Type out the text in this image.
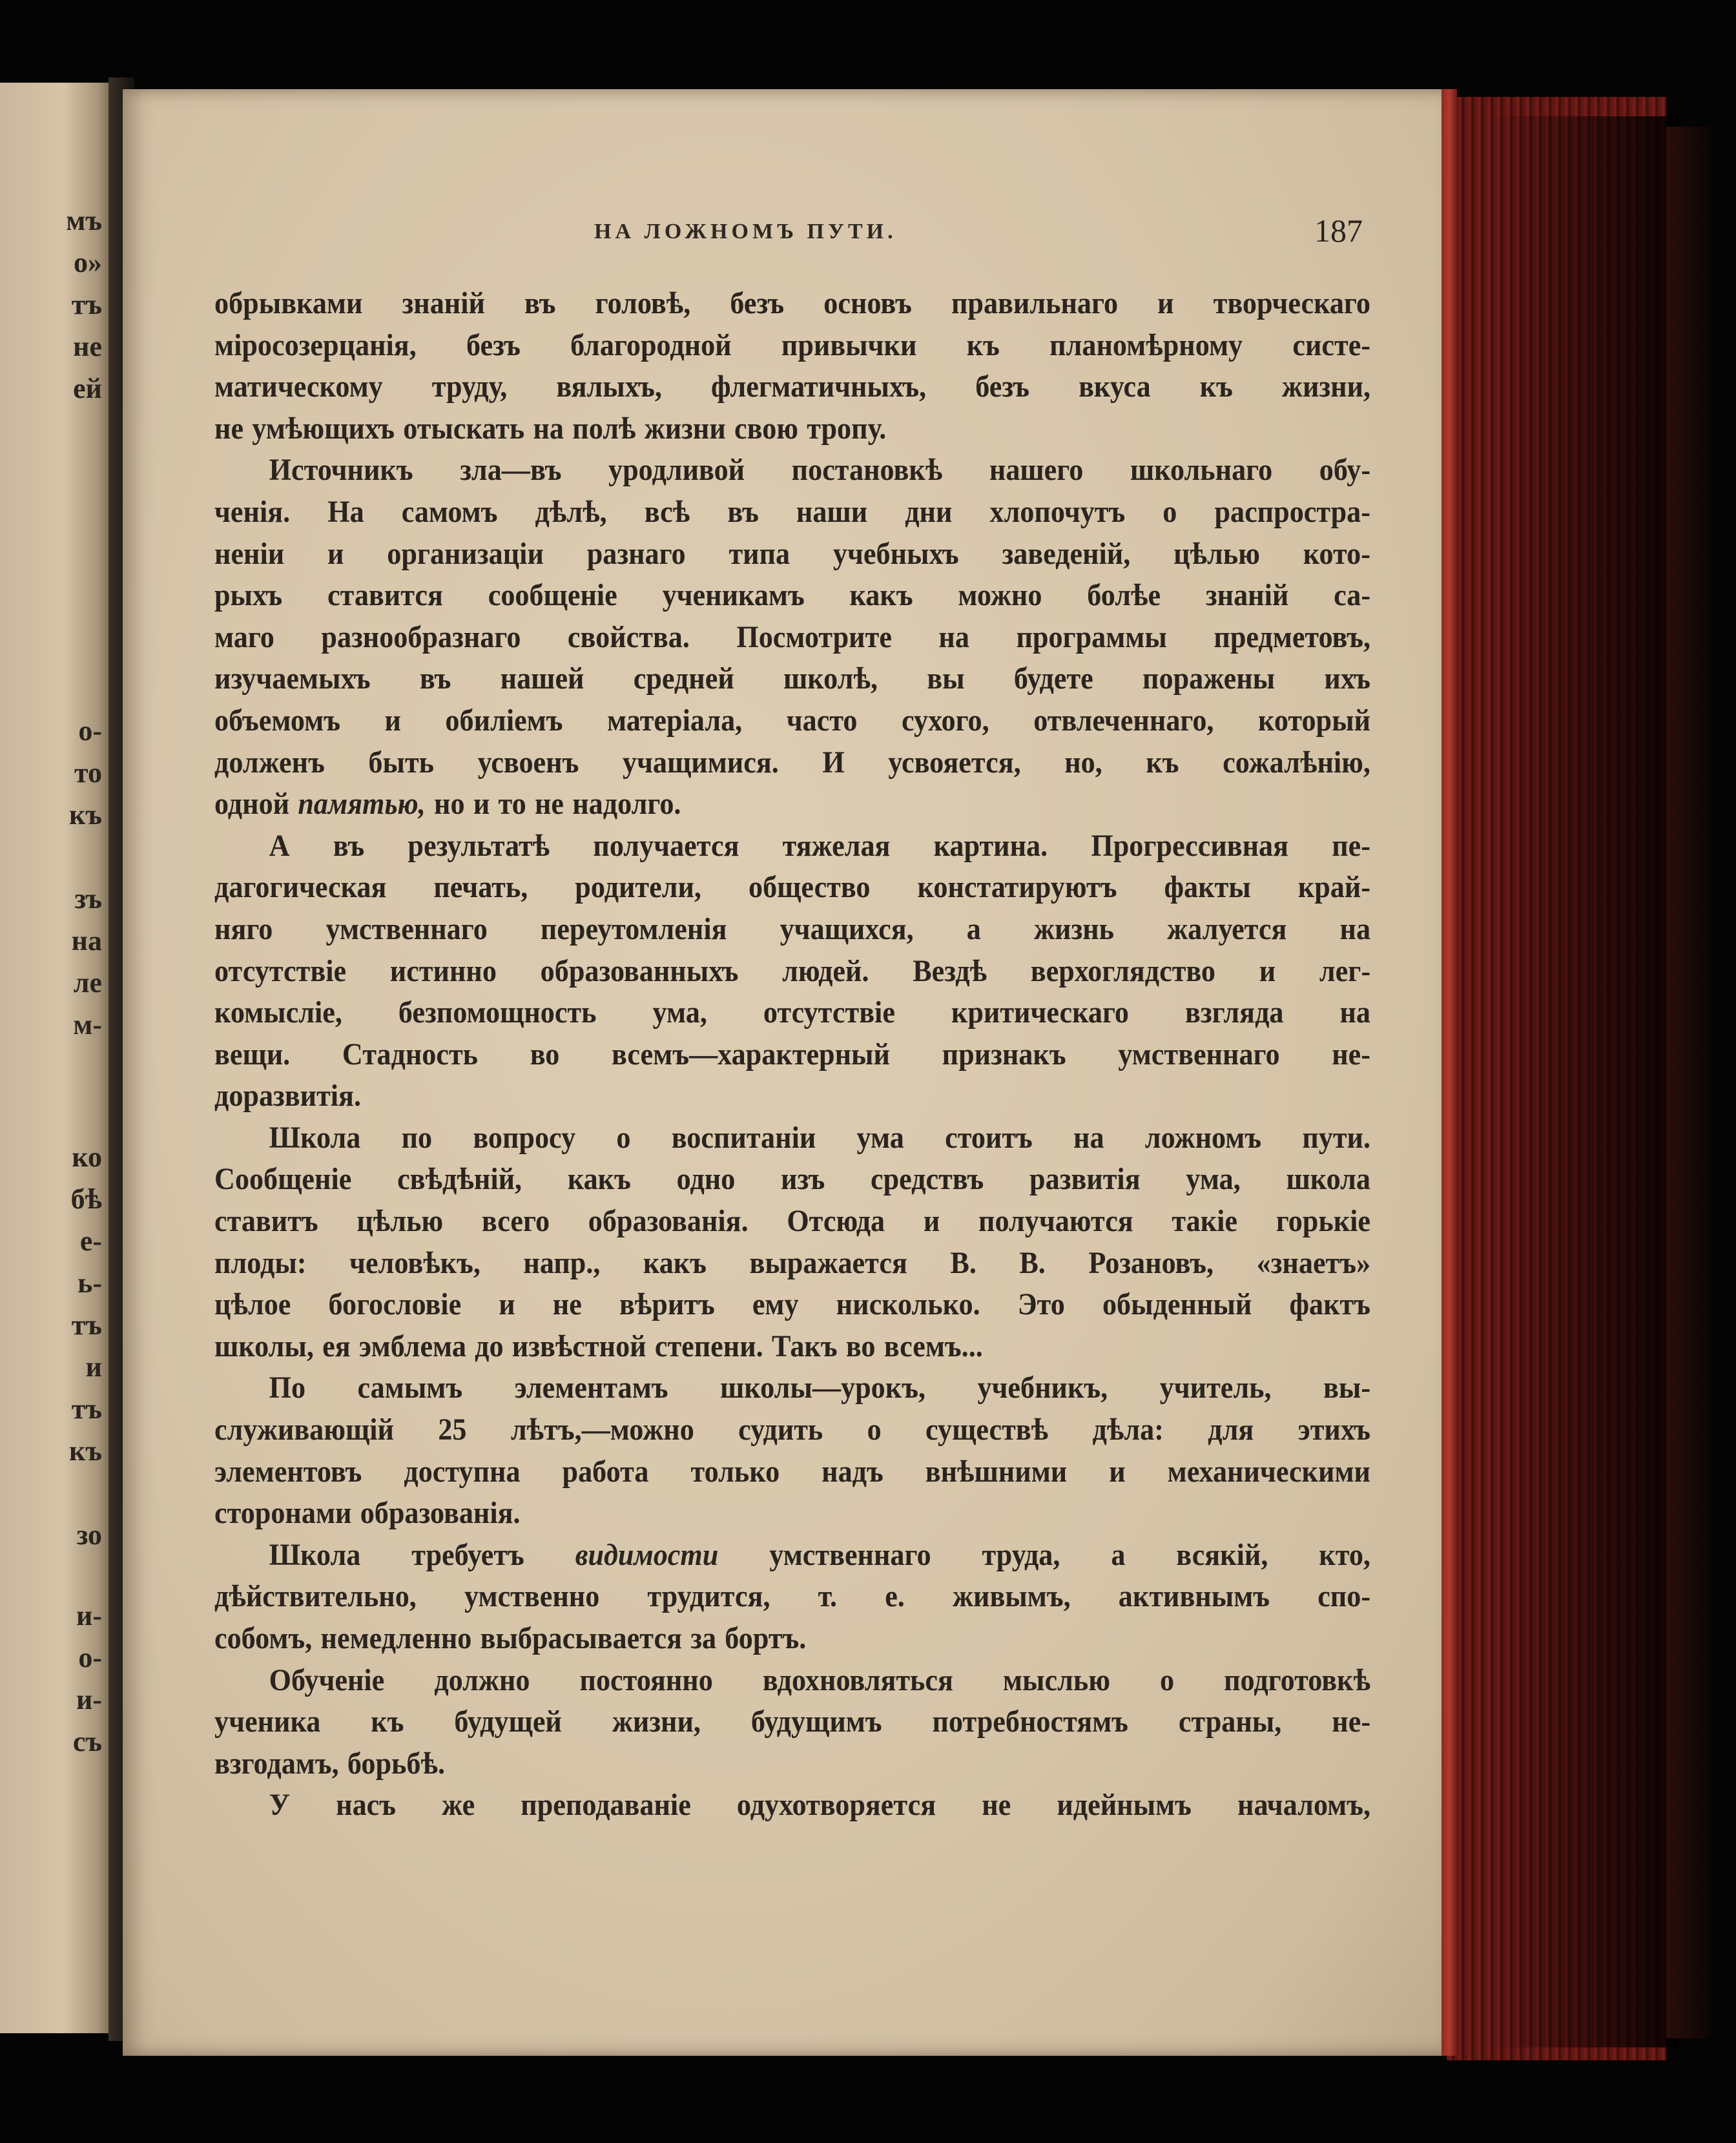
мъ
о»
тъ
не
ей
о-
то
къ
зъ
на
ле
м-
ко
бѣ
е-
ь-
тъ
и
тъ
къ
зо
и-
о-
и-
съ
НА ЛОЖНОМЪ ПУТИ.	187
обрывками знаній въ головѣ, безъ основъ правильнаго и творческаго
міросозерцанія, безъ благородной привычки къ планомѣрному систе-
матическому труду, вялыхъ, флегматичныхъ, безъ вкуса къ жизни,
не умѣющихъ отыскать на полѣ жизни свою тропу.
Источникъ зла—въ уродливой постановкѣ нашего школьнаго обу-
ченія. На самомъ дѣлѣ, всѣ въ наши дни хлопочутъ о распростра-
неніи и организаціи разнаго типа учебныхъ заведеній, цѣлью кото-
рыхъ ставится сообщеніе ученикамъ какъ можно болѣе знаній са-
маго разнообразнаго свойства. Посмотрите на программы предметовъ,
изучаемыхъ въ нашей средней школѣ, вы будете поражены ихъ
объемомъ и обиліемъ матеріала, часто сухого, отвлеченнаго, который
долженъ быть усвоенъ учащимися. И усвояется, но, къ сожалѣнію,
одной памятью, но и то не надолго.
А въ результатѣ получается тяжелая картина. Прогрессивная пе-
дагогическая печать, родители, общество констатируютъ факты край-
няго умственнаго переутомленія учащихся, а жизнь жалуется на
отсутствіе истинно образованныхъ людей. Вездѣ верхоглядство и лег-
комысліе, безпомощность ума, отсутствіе критическаго взгляда на
вещи. Стадность во всемъ—характерный признакъ умственнаго не-
доразвитія.
Школа по вопросу о воспитаніи ума стоитъ на ложномъ пути.
Сообщеніе свѣдѣній, какъ одно изъ средствъ развитія ума, школа
ставитъ цѣлью всего образованія. Отсюда и получаются такіе горькіе
плоды: человѣкъ, напр., какъ выражается В. В. Розановъ, «знаетъ»
цѣлое богословіе и не вѣритъ ему нисколько. Это обыденный фактъ
школы, ея эмблема до извѣстной степени. Такъ во всемъ...
По самымъ элементамъ школы—урокъ, учебникъ, учитель, вы-
служивающій 25 лѣтъ,—можно судить о существѣ дѣла: для этихъ
элементовъ доступна работа только надъ внѣшними и механическими
сторонами образованія.
Школа требуетъ видимости умственнаго труда, а всякій, кто,
дѣйствительно, умственно трудится, т. е. живымъ, активнымъ спо-
собомъ, немедленно выбрасывается за бортъ.
Обученіе должно постоянно вдохновляться мыслью о подготовкѣ
ученика къ будущей жизни, будущимъ потребностямъ страны, не-
взгодамъ, борьбѣ.
У насъ же преподаваніе одухотворяется не идейнымъ началомъ,
